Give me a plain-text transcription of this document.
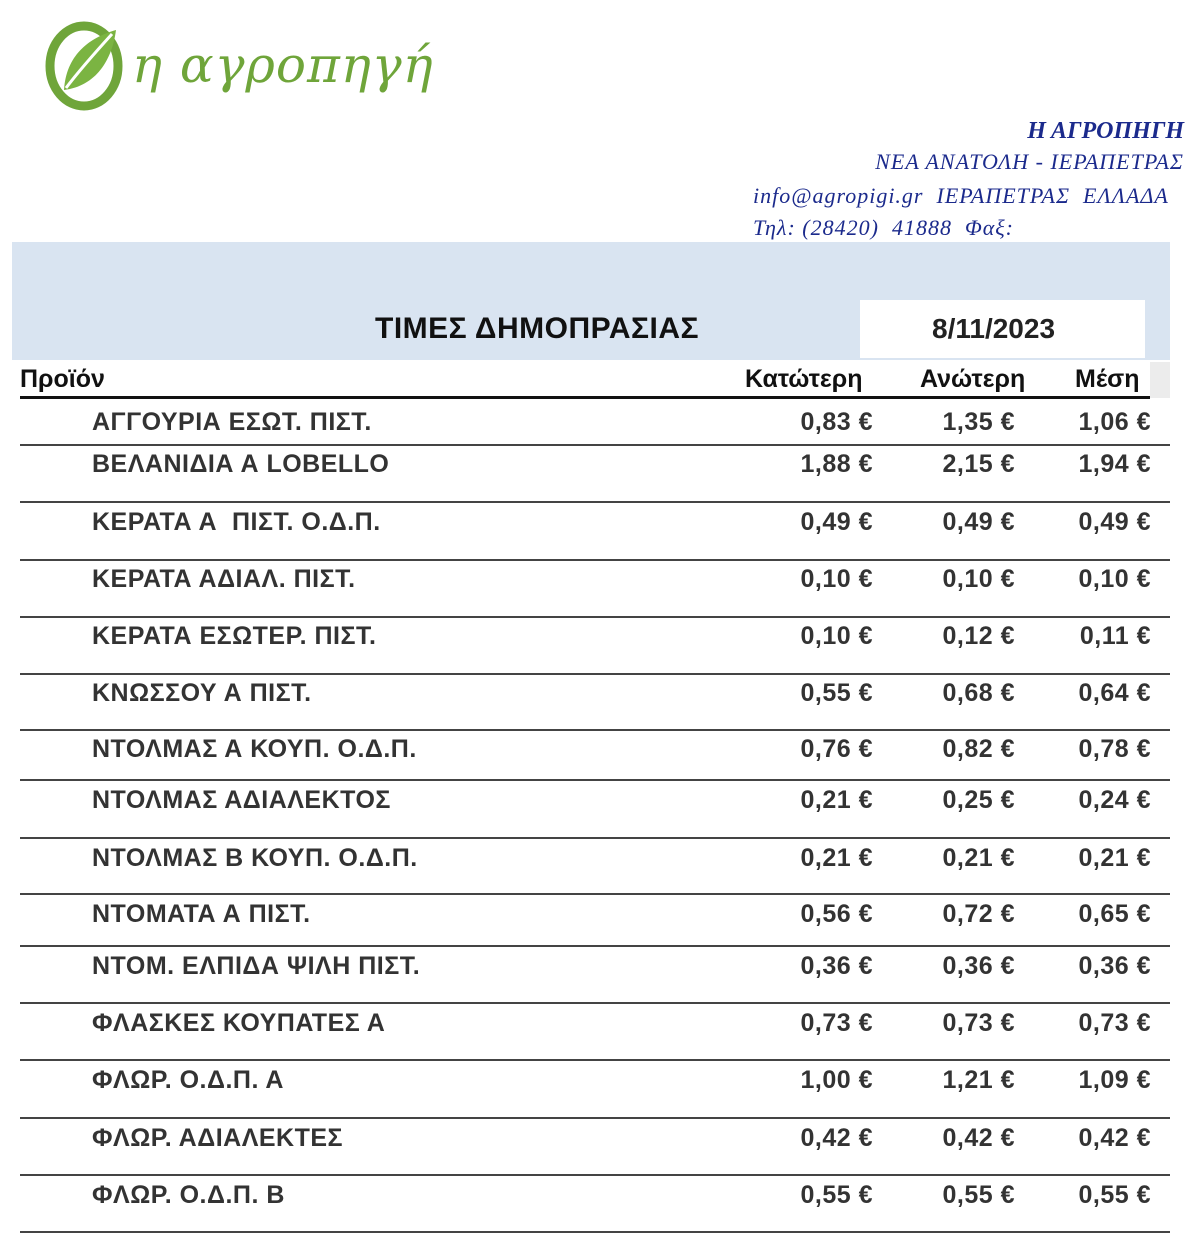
η αγροπηγή
Η ΑΓΡΟΠΗΓΗ
ΝΕΑ ΑΝΑΤΟΛΗ - ΙΕΡΑΠΕΤΡΑΣ
info@agropigi.gr  ΙΕΡΑΠΕΤΡΑΣ  ΕΛΛΑΔΑ
Τηλ: (28420)  41888  Φαξ:
ΤΙΜΕΣ ΔΗΜΟΠΡΑΣΙΑΣ	8/11/2023
Προϊόν	Κατώτερη Ανώτερη Μέση
ΑΓΓΟΥΡΙΑ ΕΣΩΤ. ΠΙΣΤ.	0,83 €	1,35 €	1,06 €
ΒΕΛΑΝΙΔΙΑ Α LOBELLO	1,88 €	2,15 €	1,94 €
ΚΕΡΑΤΑ Α  ΠΙΣΤ. Ο.Δ.Π.	0,49 €	0,49 €	0,49 €
ΚΕΡΑΤΑ ΑΔΙΑΛ. ΠΙΣΤ.	0,10 €	0,10 €	0,10 €
ΚΕΡΑΤΑ ΕΣΩΤΕΡ. ΠΙΣΤ.	0,10 €	0,12 €	0,11 €
ΚΝΩΣΣΟΥ Α ΠΙΣΤ.	0,55 €	0,68 €	0,64 €
ΝΤΟΛΜΑΣ Α ΚΟΥΠ. Ο.Δ.Π.	0,76 €	0,82 €	0,78 €
ΝΤΟΛΜΑΣ ΑΔΙΑΛΕΚΤΟΣ	0,21 €	0,25 €	0,24 €
ΝΤΟΛΜΑΣ Β ΚΟΥΠ. Ο.Δ.Π.	0,21 €	0,21 €	0,21 €
ΝΤΟΜΑΤΑ Α ΠΙΣΤ.	0,56 €	0,72 €	0,65 €
ΝΤΟΜ. ΕΛΠΙΔΑ ΨΙΛΗ ΠΙΣΤ.	0,36 €	0,36 €	0,36 €
ΦΛΑΣΚΕΣ ΚΟΥΠΑΤΕΣ Α	0,73 €	0,73 €	0,73 €
ΦΛΩΡ. Ο.Δ.Π. Α	1,00 €	1,21 €	1,09 €
ΦΛΩΡ. ΑΔΙΑΛΕΚΤΕΣ	0,42 €	0,42 €	0,42 €
ΦΛΩΡ. Ο.Δ.Π. Β	0,55 €	0,55 €	0,55 €
